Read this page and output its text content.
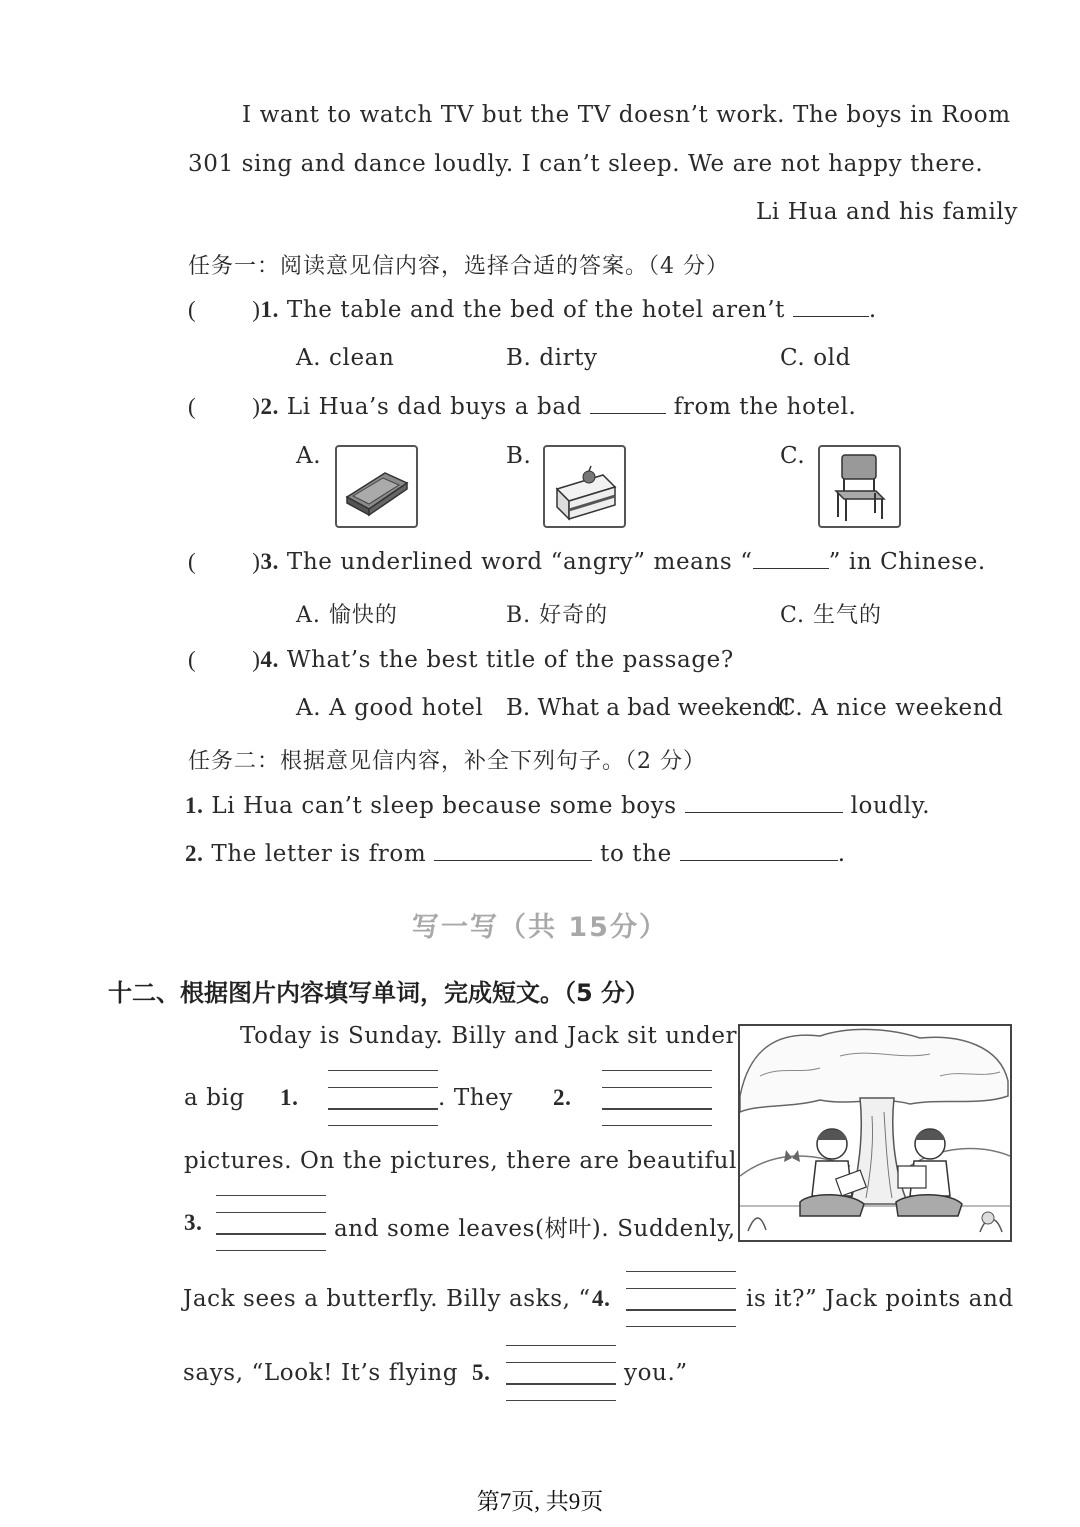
I want to watch TV but the TV doesn’t work. The boys in Room
301 sing and dance loudly. I can’t sleep. We are not happy there.
Li Hua and his family
任务一：阅读意见信内容，选择合适的答案。（4 分）
( )1. The table and the bed of the hotel aren’t	.
A. clean	B. dirty	C. old
( )2. Li Hua’s dad buys a bad	from the hotel.
A.	B.	C.
( )3. The underlined word “angry” means “	” in Chinese.
A. 愉快的	B. 好奇的	C. 生气的
( )4. What’s the best title of the passage?
A. A good hotel B. What a bad weekend!
C. A nice weekend
任务二：根据意见信内容，补全下列句子。（2 分）
1. Li Hua can’t sleep because some boys	loudly.
2. The letter is from	to the	.
写一写（共 15分）
十二、根据图片内容填写单词，完成短文。（5 分）
Today is Sunday. Billy and Jack sit under
a big 1.	. They 2.
pictures. On the pictures, there are beautiful
3.	and some leaves(树叶). Suddenly,
Jack sees a butterfly. Billy asks, “ 4.	is it?” Jack points and
says, “Look! It’s flying 5.	you.”
第7页, 共9页
